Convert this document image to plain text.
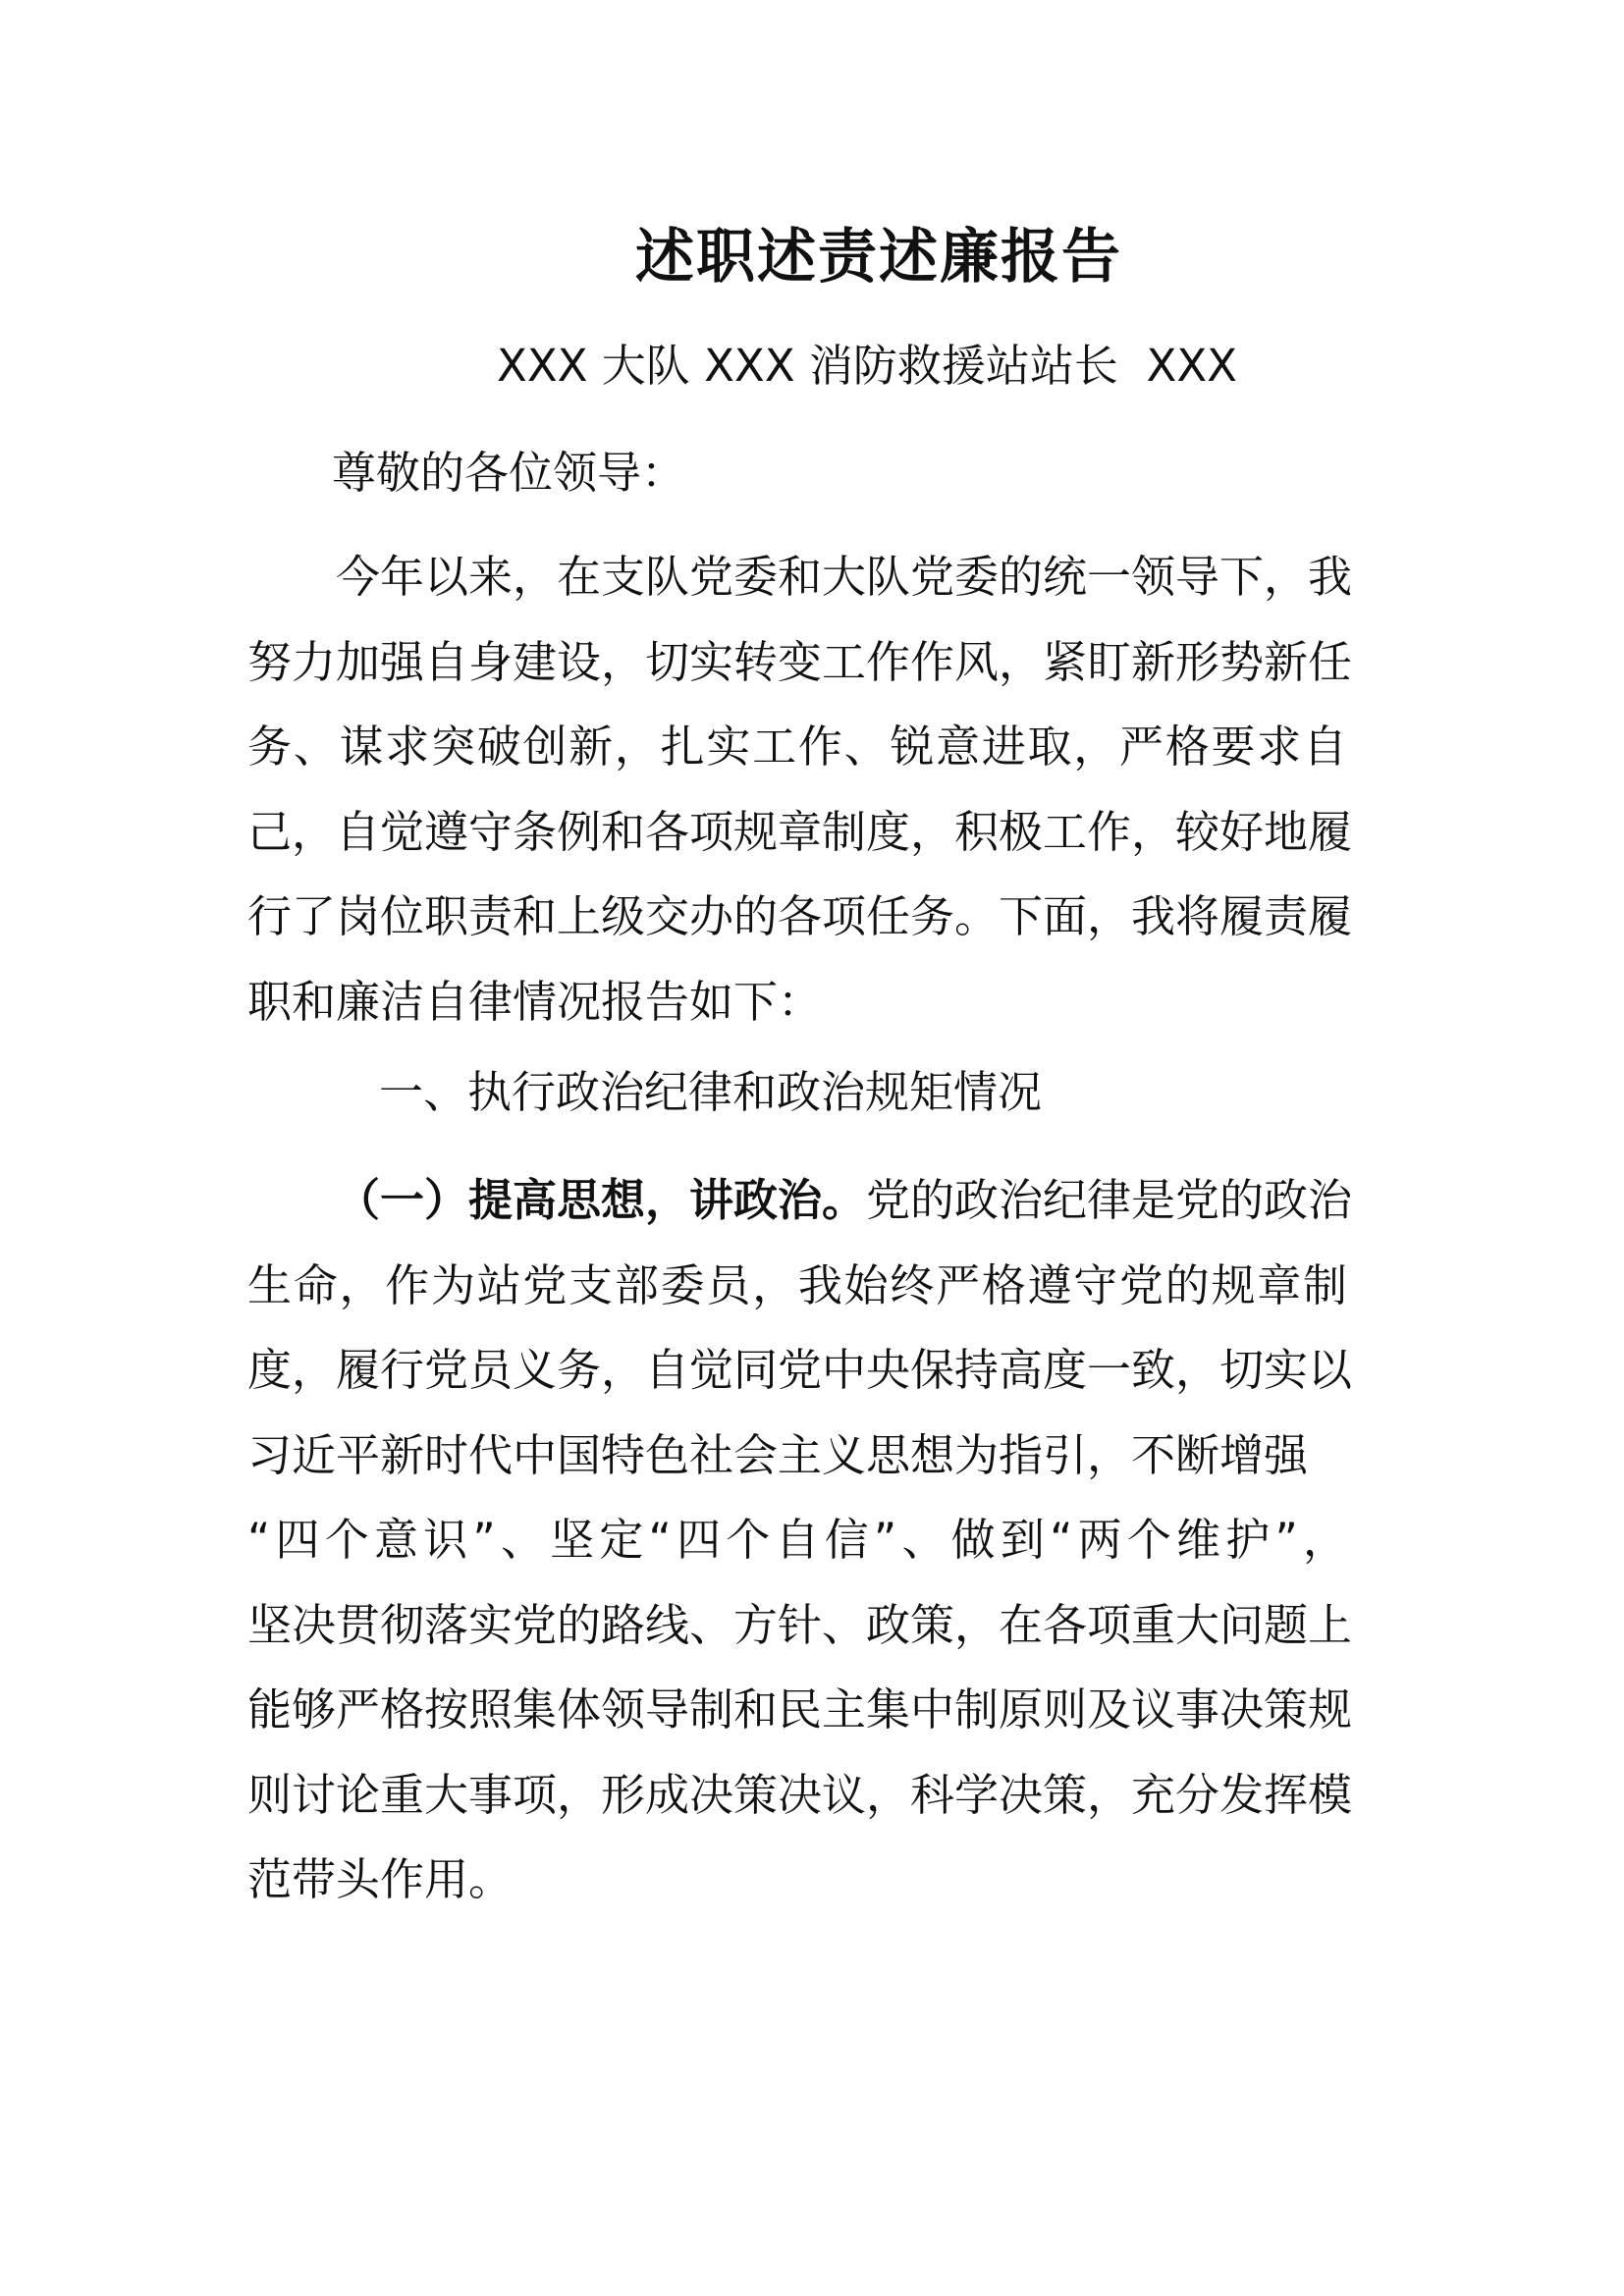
述职述责述廉报告

XXX 大队 XXX 消防救援站站长  XXX

尊敬的各位领导：

今年以来，在支队党委和大队党委的统一领导下，我
努力加强自身建设，切实转变工作作风，紧盯新形势新任
务、谋求突破创新，扎实工作、锐意进取，严格要求自
己，自觉遵守条例和各项规章制度，积极工作，较好地履
行了岗位职责和上级交办的各项任务。下面，我将履责履
职和廉洁自律情况报告如下：

一、执行政治纪律和政治规矩情况

（一）提高思想，讲政治。党的政治纪律是党的政治
生命，作为站党支部委员，我始终严格遵守党的规章制
度，履行党员义务，自觉同党中央保持高度一致，切实以
习近平新时代中国特色社会主义思想为指引，不断增强
“四个意识”、坚定“四个自信”、做到“两个维护”，
坚决贯彻落实党的路线、方针、政策，在各项重大问题上
能够严格按照集体领导制和民主集中制原则及议事决策规
则讨论重大事项，形成决策决议，科学决策，充分发挥模
范带头作用。
